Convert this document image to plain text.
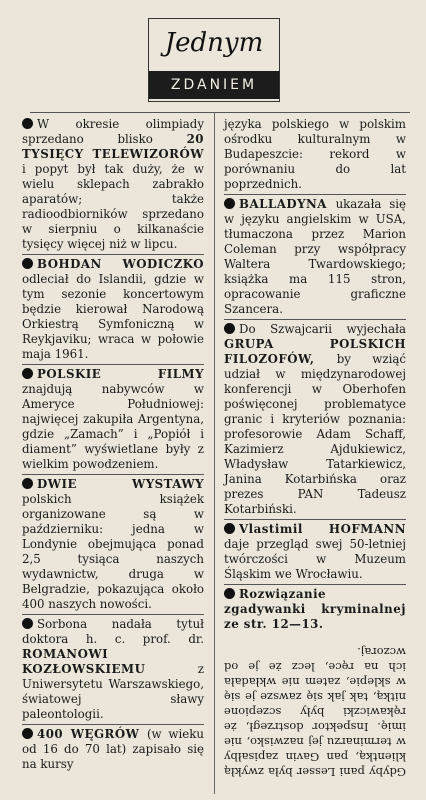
Jednym
ZDANIEM

W okresie olimpiady sprzedano blisko 20 TYSIĘCY TELEWIZORÓW i popyt był tak duży, że w wielu sklepach zabrakło aparatów; także radioodbiorników sprzedano w sierpniu o kilkanaście tysięcy więcej niż w lipcu.

BOHDAN WODICZKO odleciał do Islandii, gdzie w tym sezonie koncertowym będzie kierował Narodową Orkiestrą Symfoniczną w Reykjaviku; wraca w połowie maja 1961.

POLSKIE FILMY znajdują nabywców w Ameryce Południowej: najwięcej zakupiła Argentyna, gdzie „Zamach” i „Popiół i diament” wyświetlane były z wielkim powodzeniem.

DWIE WYSTAWY polskich książek organizowane są w październiku: jedna w Londynie obejmująca ponad 2,5 tysiąca naszych wydawnictw, druga w Belgradzie, pokazująca około 400 naszych nowości.

Sorbona nadała tytuł doktora h. c. prof. dr. ROMANOWI KOZŁOWSKIEMU z Uniwersytetu Warszawskiego, światowej sławy paleontologii.

400 WĘGRÓW (w wieku od 16 do 70 lat) zapisało się na kursy

języka polskiego w polskim ośrodku kulturalnym w Budapeszcie: rekord w porównaniu do lat poprzednich.

BALLADYNA ukazała się w języku angielskim w USA, tłumaczona przez Marion Coleman przy współpracy Waltera Twardowskiego; książka ma 115 stron, opracowanie graficzne Szancera.

Do Szwajcarii wyjechała GRUPA POLSKICH FILOZOFÓW, by wziąć udział w międzynarodowej konferencji w Oberhofen poświęconej problematyce granic i kryteriów poznania: profesorowie Adam Schaff, Kazimierz Ajdukiewicz, Władysław Tatarkiewicz, Janina Kotarbińska oraz prezes PAN Tadeusz Kotarbiński.

Vlastimil HOFMANN daje przegląd swej 50-letniej twórczości w Muzeum Śląskim we Wrocławiu.

Rozwiązanie zgadywanki kryminalnej ze str. 12—13.

Gdyby pani Lesser była zwykłą klientką, pan Gavin zapisałby w terminarzu jej nazwisko, nie imię. Inspektor dostrzegł, że rękawiczki były sczepione nitką, tak jak się zawsze je się w sklepie, zatem nie wkładała ich na ręce, lecz że je od wczoraj.
